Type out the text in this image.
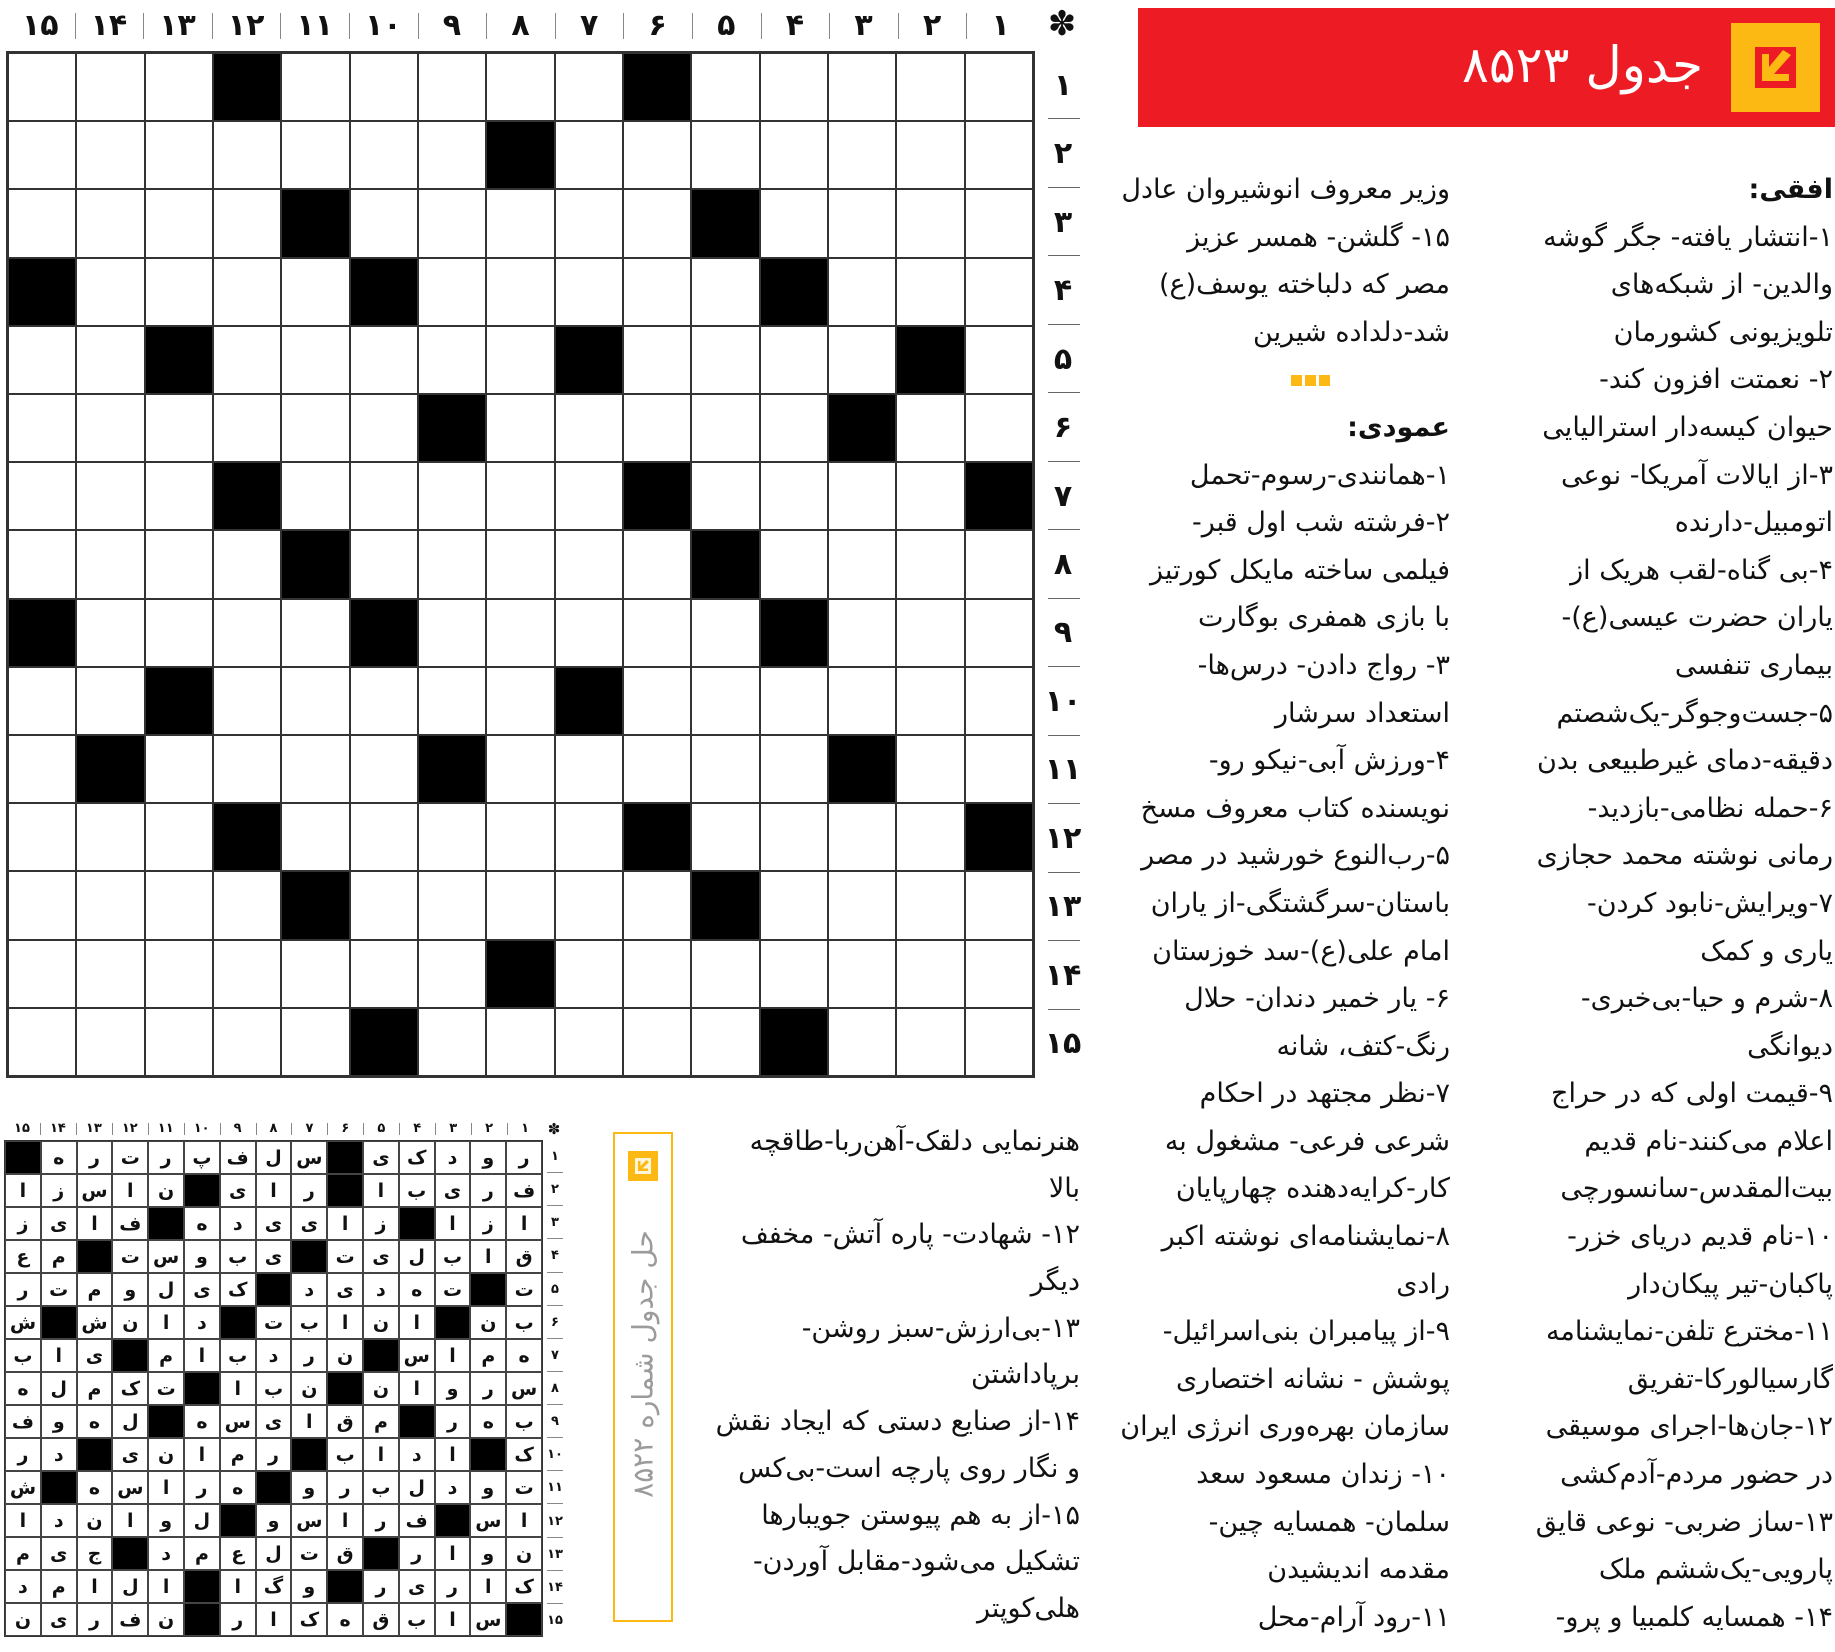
جدول ۸۵۲۳
✽
۱
۲
۳
۴
۵
۶
۷
۸
۹
۱۰
۱۱
۱۲
۱۳
۱۴
۱۵
۱
۲
۳
۴
۵
۶
۷
۸
۹
۱۰
۱۱
۱۲
۱۳
۱۴
۱۵
افقی:
۱-انتشار یافته- جگر گوشه
والدین- از شبکه‌های
تلویزیونی کشورمان
۲- نعمتت افزون کند-
حیوان کیسه‌دار استرالیایی
۳-از ایالات آمریکا- نوعی
اتومبیل-دارنده
۴-بی گناه-لقب هریک از
یاران حضرت عیسی(ع)-
بیماری تنفسی
۵-جست‌وجوگر-یک‌شصتم
دقیقه-دمای غیرطبیعی بدن
۶-حمله نظامی-بازدید-
رمانی نوشته محمد حجازی
۷-ویرایش-نابود کردن-
یاری و کمک
۸-شرم و حیا-بی‌خبری-
دیوانگی
۹-قیمت اولی که در حراج
اعلام می‌کنند-نام قدیم
بیت‌المقدس-سانسورچی
۱۰-نام قدیم دریای خزر-
پاکبان-تیر پیکان‌دار
۱۱-مخترع تلفن-نمایشنامه
گارسیالورکا-تفریق
۱۲-جان‌ها-اجرای موسیقی
در حضور مردم-آدم‌کشی
۱۳-ساز ضربی- نوعی قایق
پارویی-یک‌ششم ملک
۱۴- همسایه کلمبیا و پرو-
وزیر معروف انوشیروان عادل
۱۵- گلشن- همسر عزیز
مصر که دلباخته یوسف(ع)
شد-دلداده شیرین
عمودی:
۱-همانندی-رسوم-تحمل
۲-فرشته شب اول قبر-
فیلمی ساخته مایکل کورتیز
با بازی همفری بوگارت
۳- رواج دادن- درس‌ها-
استعداد سرشار
۴-ورزش آبی-نیکو رو-
نویسنده کتاب معروف مسخ
۵-رب‌النوع خورشید در مصر
باستان-سرگشتگی-از یاران
امام علی(ع)-سد خوزستان
۶- یار خمیر دندان- حلال
رنگ-کتف، شانه
۷-نظر مجتهد در احکام
شرعی فرعی- مشغول به
کار-کرایه‌دهنده چهارپایان
۸-نمایشنامه‌ای نوشته اکبر
رادی
۹-از پیامبران بنی‌اسرائیل-
پوشش - نشانه اختصاری
سازمان بهره‌وری انرژی ایران
۱۰- زندان مسعود سعد
سلمان- همسایه چین-
مقدمه اندیشیدن
۱۱-رود آرام-محل
هنرنمایی دلقک-آهن‌ربا-طاقچه
بالا
۱۲- شهادت- پاره آتش- مخفف
دیگر
۱۳-بی‌ارزش-سبز روشن-
برپاداشتن
۱۴-از صنایع دستی که ایجاد نقش
و نگار روی پارچه است-بی‌کس
۱۵-از به هم پیوستن جویبارها
تشکیل می‌شود-مقابل آوردن-
هلی‌کوپتر
حل جدول شماره ۸۵۲۲
✽
۱
۲
۳
۴
۵
۶
۷
۸
۹
۱۰
۱۱
۱۲
۱۳
۱۴
۱۵
ر
و
د
ک
ی
س
ل
ف
پ
ر
ت
ر
ه
ف
ر
ی
ب
ا
ر
ا
ی
ن
ا
س
ز
ا
ا
ز
ا
ز
ا
ی
ی
د
ه
ف
ا
ی
ز
ق
ا
ب
ل
ی
ت
ی
ب
و
س
ت
م
ع
ت
ت
ه
د
ی
د
ک
ی
ل
و
م
ت
ر
ب
ن
ا
ن
ا
ب
ت
د
ا
ن
ش
ش
ه
م
ا
س
ن
ر
د
ب
ا
م
ی
ا
ب
س
ر
و
ا
ن
ن
ب
ا
ت
ک
م
ل
ه
ب
ه
ر
م
ق
ا
ی
س
ه
ل
ه
و
ف
ک
ا
د
ا
ب
ر
م
ا
ن
ی
د
ر
ت
و
د
ل
ب
ر
و
ه
ر
ا
س
ه
ش
ا
س
ف
ر
ا
س
و
ل
و
ا
ن
د
ا
ن
و
ا
ر
ق
ت
ل
ع
م
د
ج
ی
م
ک
ا
ر
ی
ر
و
گ
ا
ا
ل
ا
م
د
س
ا
ب
ق
ه
ک
ا
ر
ن
ف
ر
ی
ن
۱
۲
۳
۴
۵
۶
۷
۸
۹
۱۰
۱۱
۱۲
۱۳
۱۴
۱۵
